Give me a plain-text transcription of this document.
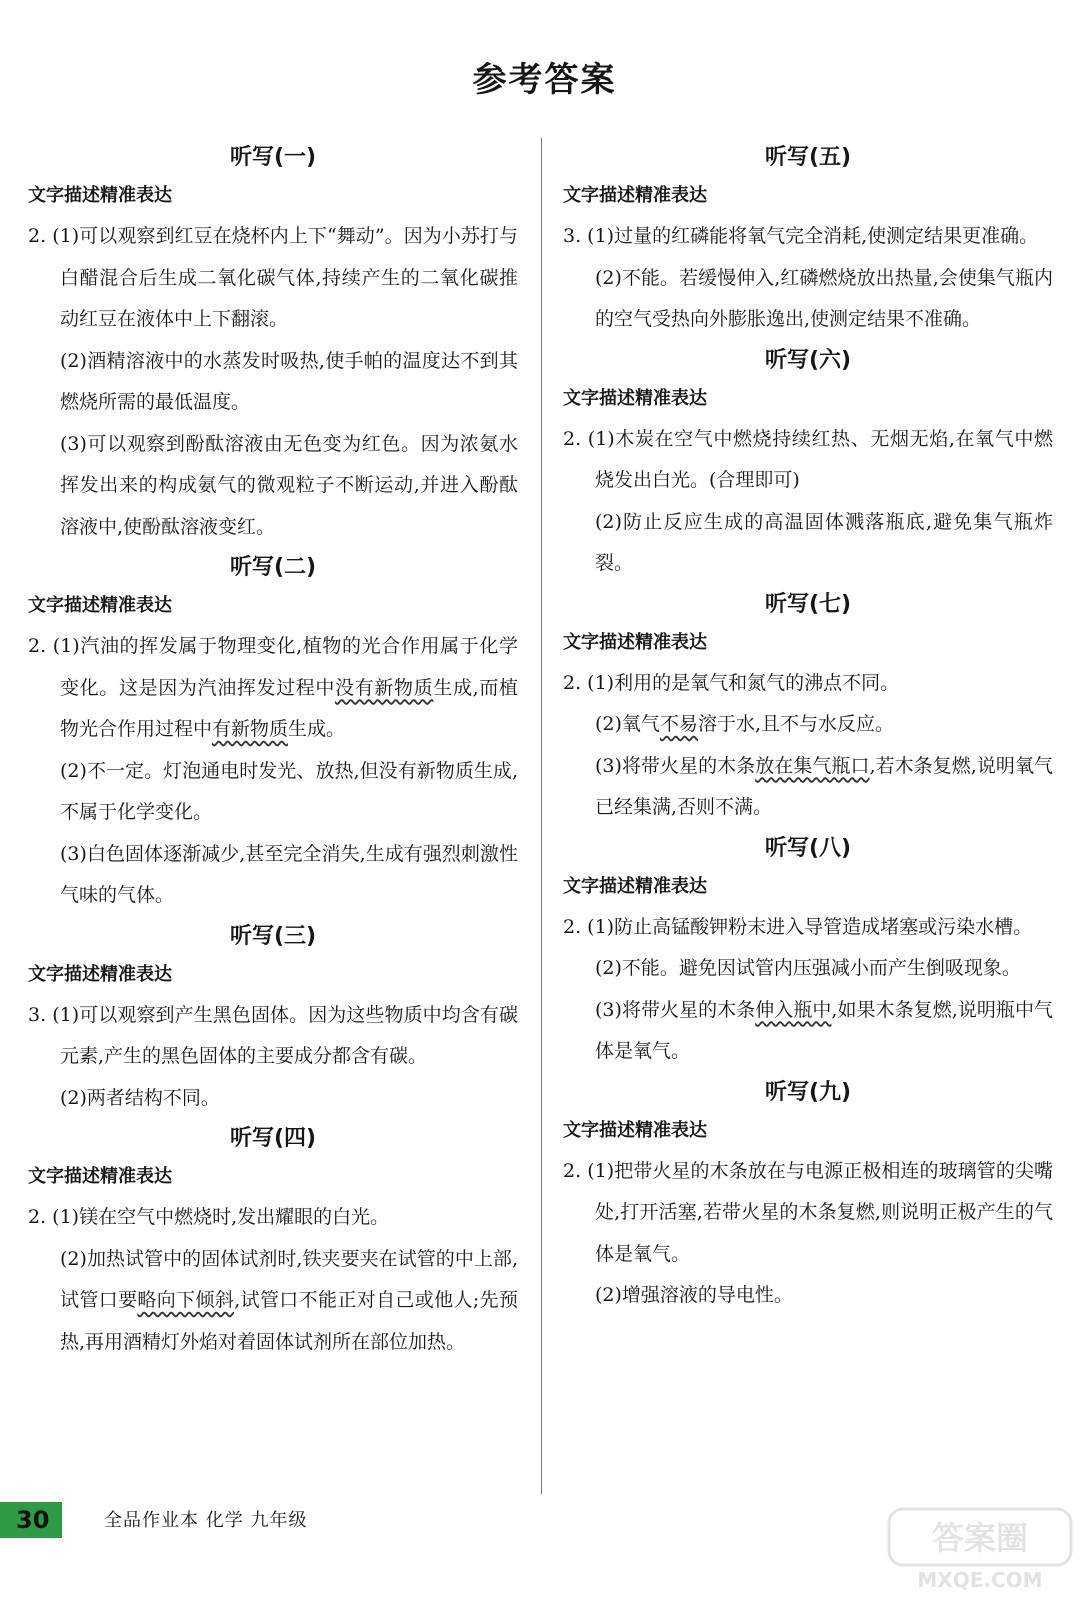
参考答案
听写(一)
文字描述精准表达
2. (1)可以观察到红豆在烧杯内上下“舞动”。因为小苏打与白醋混合后生成二氧化碳气体,持续产生的二氧化碳推动红豆在液体中上下翻滚。
(2)酒精溶液中的水蒸发时吸热,使手帕的温度达不到其燃烧所需的最低温度。
(3)可以观察到酚酞溶液由无色变为红色。因为浓氨水挥发出来的构成氨气的微观粒子不断运动,并进入酚酞溶液中,使酚酞溶液变红。
听写(二)
文字描述精准表达
2. (1)汽油的挥发属于物理变化,植物的光合作用属于化学变化。这是因为汽油挥发过程中没有新物质生成,而植物光合作用过程中有新物质生成。
(2)不一定。灯泡通电时发光、放热,但没有新物质生成,不属于化学变化。
(3)白色固体逐渐减少,甚至完全消失,生成有强烈刺激性气味的气体。
听写(三)
文字描述精准表达
3. (1)可以观察到产生黑色固体。因为这些物质中均含有碳元素,产生的黑色固体的主要成分都含有碳。
(2)两者结构不同。
听写(四)
文字描述精准表达
2. (1)镁在空气中燃烧时,发出耀眼的白光。
(2)加热试管中的固体试剂时,铁夹要夹在试管的中上部,试管口要略向下倾斜,试管口不能正对自己或他人;先预热,再用酒精灯外焰对着固体试剂所在部位加热。
听写(五)
文字描述精准表达
3. (1)过量的红磷能将氧气完全消耗,使测定结果更准确。
(2)不能。若缓慢伸入,红磷燃烧放出热量,会使集气瓶内的空气受热向外膨胀逸出,使测定结果不准确。
听写(六)
文字描述精准表达
2. (1)木炭在空气中燃烧持续红热、无烟无焰,在氧气中燃烧发出白光。(合理即可)
(2)防止反应生成的高温固体溅落瓶底,避免集气瓶炸裂。
听写(七)
文字描述精准表达
2. (1)利用的是氧气和氮气的沸点不同。
(2)氧气不易溶于水,且不与水反应。
(3)将带火星的木条放在集气瓶口,若木条复燃,说明氧气已经集满,否则不满。
听写(八)
文字描述精准表达
2. (1)防止高锰酸钾粉末进入导管造成堵塞或污染水槽。
(2)不能。避免因试管内压强减小而产生倒吸现象。
(3)将带火星的木条伸入瓶中,如果木条复燃,说明瓶中气体是氧气。
听写(九)
文字描述精准表达
2. (1)把带火星的木条放在与电源正极相连的玻璃管的尖嘴处,打开活塞,若带火星的木条复燃,则说明正极产生的气体是氧气。
(2)增强溶液的导电性。
30	全品作业本 化学 九年级	答案圈
MXQE.COM
